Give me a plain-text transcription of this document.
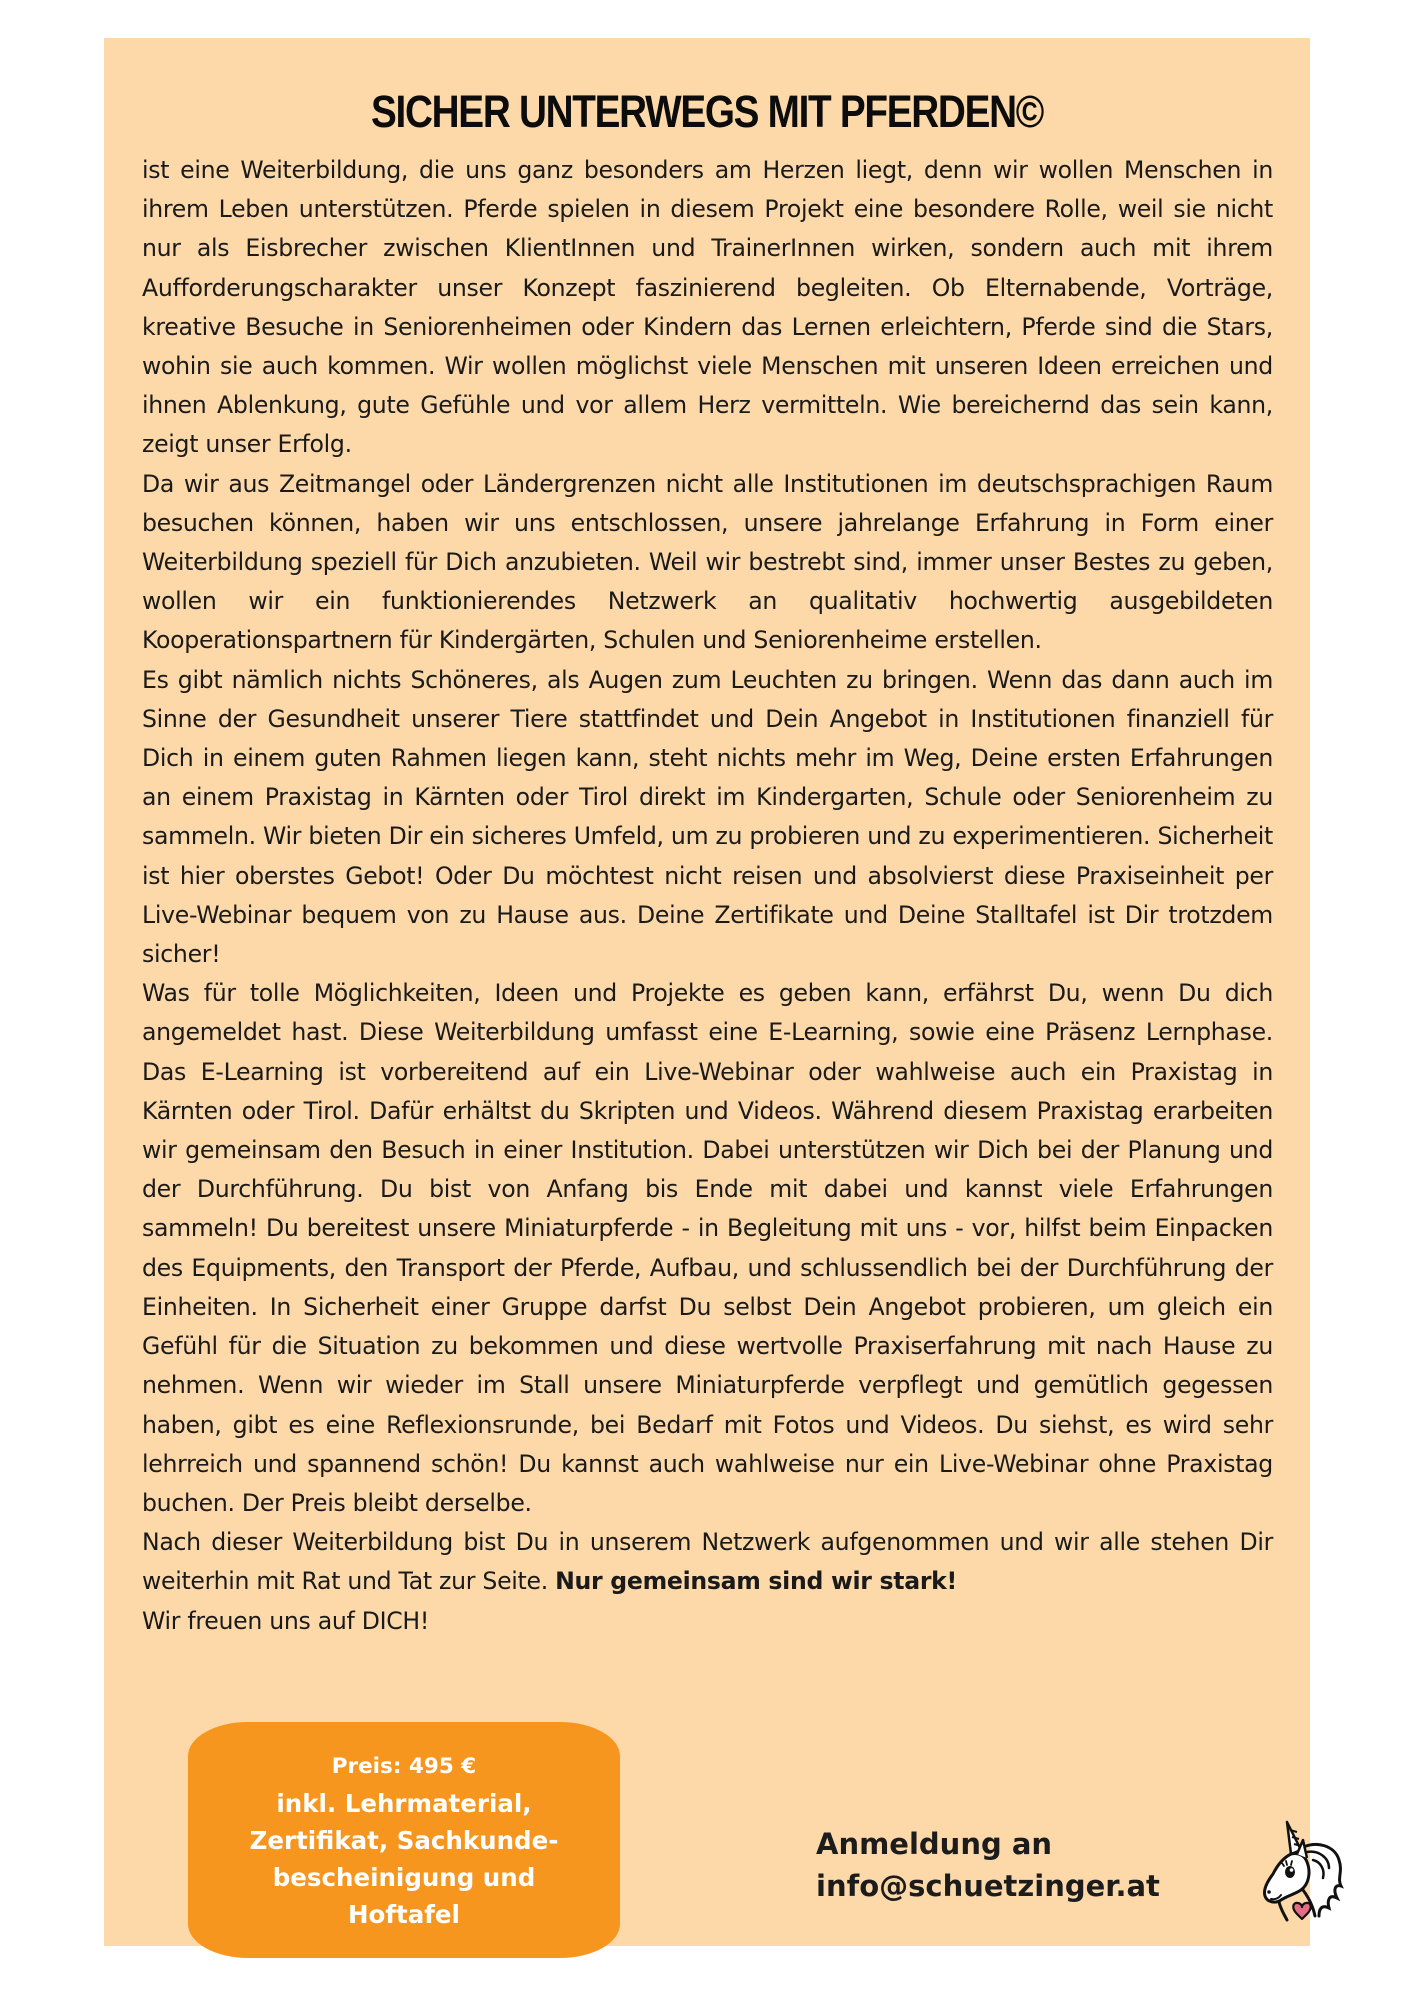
SICHER UNTERWEGS MIT PFERDEN©
ist eine Weiterbildung, die uns ganz besonders am Herzen liegt, denn wir wollen Menschen in ihrem Leben unterstützen. Pferde spielen in diesem Projekt eine besondere Rolle, weil sie nicht nur als Eisbrecher zwischen KlientInnen und TrainerInnen wirken, sondern auch mit ihrem Aufforderungscharakter unser Konzept faszinierend begleiten. Ob Elternabende, Vorträge, kreative Besuche in Seniorenheimen oder Kindern das Lernen erleichtern, Pferde sind die Stars, wohin sie auch kommen. Wir wollen möglichst viele Menschen mit unseren Ideen erreichen und ihnen Ablenkung, gute Gefühle und vor allem Herz vermitteln. Wie bereichernd das sein kann, zeigt unser Erfolg.
Da wir aus Zeitmangel oder Ländergrenzen nicht alle Institutionen im deutschsprachigen Raum besuchen können, haben wir uns entschlossen, unsere jahrelange Erfahrung in Form einer Weiterbildung speziell für Dich anzubieten. Weil wir bestrebt sind, immer unser Bestes zu geben, wollen wir ein funktionierendes Netzwerk an qualitativ hochwertig ausgebildeten Kooperationspartnern für Kindergärten, Schulen und Seniorenheime erstellen.
Es gibt nämlich nichts Schöneres, als Augen zum Leuchten zu bringen. Wenn das dann auch im Sinne der Gesundheit unserer Tiere stattfindet und Dein Angebot in Institutionen finanziell für Dich in einem guten Rahmen liegen kann, steht nichts mehr im Weg, Deine ersten Erfahrungen an einem Praxistag in Kärnten oder Tirol direkt im Kindergarten, Schule oder Seniorenheim zu sammeln. Wir bieten Dir ein sicheres Umfeld, um zu probieren und zu experimentieren. Sicherheit ist hier oberstes Gebot! Oder Du möchtest nicht reisen und absolvierst diese Praxiseinheit per Live-Webinar bequem von zu Hause aus. Deine Zertifikate und Deine Stalltafel ist Dir trotzdem sicher!
Was für tolle Möglichkeiten, Ideen und Projekte es geben kann, erfährst Du, wenn Du dich angemeldet hast. Diese Weiterbildung umfasst eine E-Learning, sowie eine Präsenz Lernphase. Das E-Learning ist vorbereitend auf ein Live-Webinar oder wahlweise auch ein Praxistag in Kärnten oder Tirol. Dafür erhältst du Skripten und Videos. Während diesem Praxistag erarbeiten wir gemeinsam den Besuch in einer Institution. Dabei unterstützen wir Dich bei der Planung und der Durchführung. Du bist von Anfang bis Ende mit dabei und kannst viele Erfahrungen sammeln! Du bereitest unsere Miniaturpferde - in Begleitung mit uns - vor, hilfst beim Einpacken des Equipments, den Transport der Pferde, Aufbau, und schlussendlich bei der Durchführung der Einheiten. In Sicherheit einer Gruppe darfst Du selbst Dein Angebot probieren, um gleich ein Gefühl für die Situation zu bekommen und diese wertvolle Praxiserfahrung mit nach Hause zu nehmen. Wenn wir wieder im Stall unsere Miniaturpferde verpflegt und gemütlich gegessen haben, gibt es eine Reflexionsrunde, bei Bedarf mit Fotos und Videos. Du siehst, es wird sehr lehrreich und spannend schön! Du kannst auch wahlweise nur ein Live-Webinar ohne Praxistag buchen. Der Preis bleibt derselbe.
Nach dieser Weiterbildung bist Du in unserem Netzwerk aufgenommen und wir alle stehen Dir weiterhin mit Rat und Tat zur Seite. Nur gemeinsam sind wir stark!
Wir freuen uns auf DICH!
Preis: 495 €
inkl. Lehrmaterial, Zertifikat, Sachkunde-bescheinigung und Hoftafel
Anmeldung an
info@schuetzinger.at
